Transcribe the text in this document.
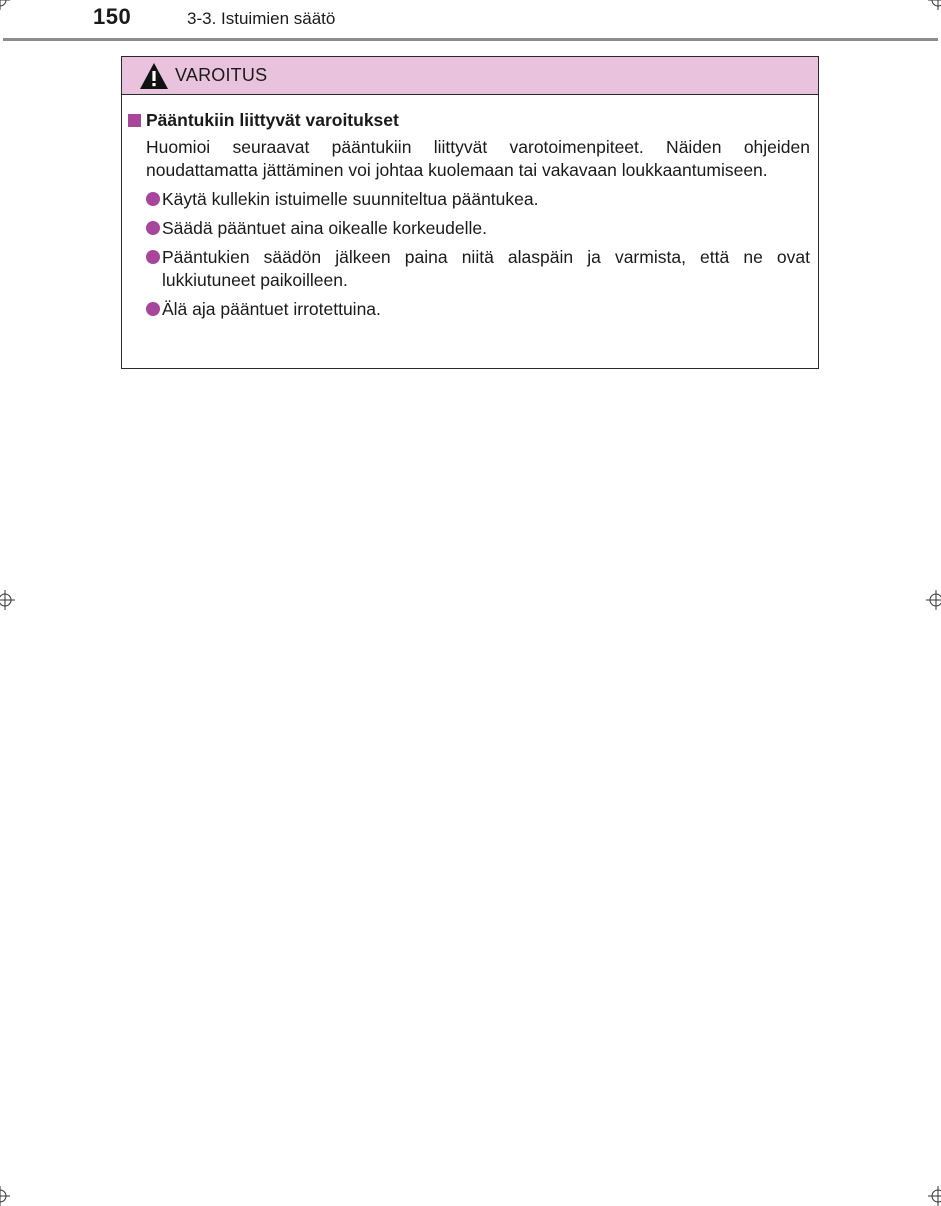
150	3-3. Istuimien säätö
VAROITUS
Pääntukiin liittyvät varoitukset
Huomioi seuraavat pääntukiin liittyvät varotoimenpiteet. Näiden ohjeiden noudattamatta jättäminen voi johtaa kuolemaan tai vakavaan loukkaantumiseen.
Käytä kullekin istuimelle suunniteltua pääntukea.
Säädä pääntuet aina oikealle korkeudelle.
Pääntukien säädön jälkeen paina niitä alaspäin ja varmista, että ne ovat lukkiutuneet paikoilleen.
Älä aja pääntuet irrotettuina.
